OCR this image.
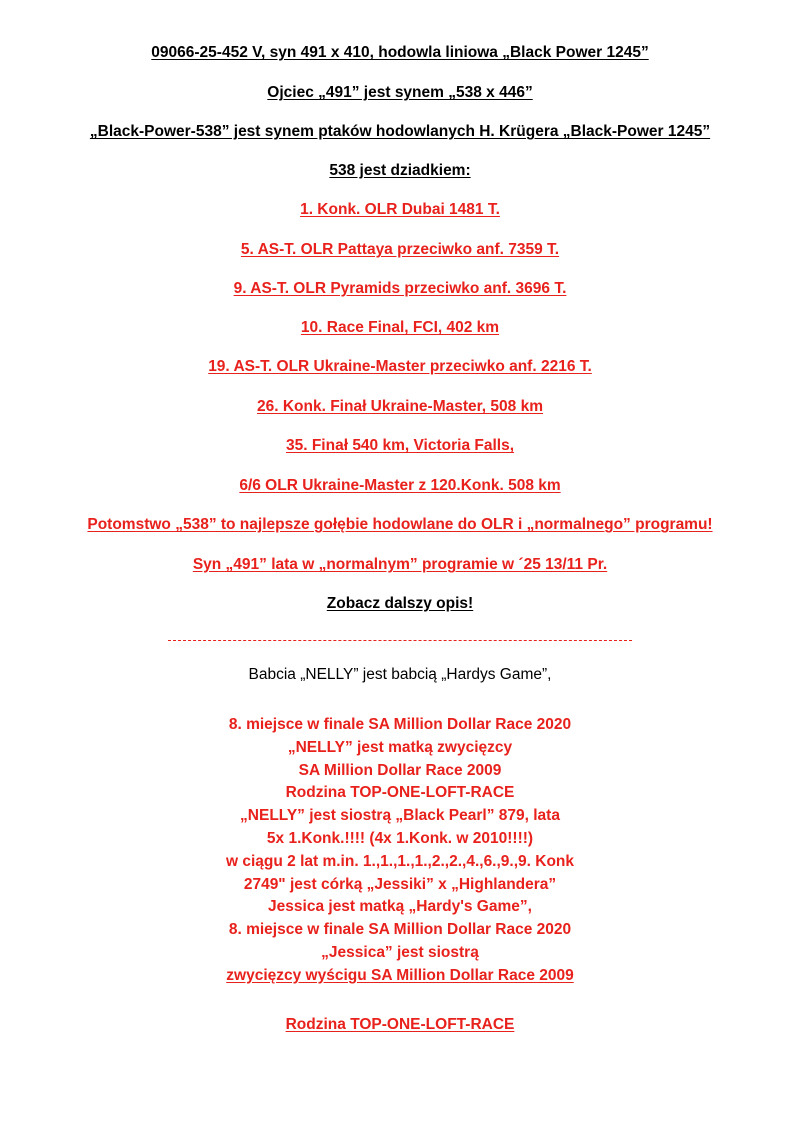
09066-25-452 V, syn 491 x 410, hodowla liniowa „Black Power 1245”
Ojciec „491” jest synem „538 x 446”
„Black-Power-538” jest synem ptaków hodowlanych H. Krügera „Black-Power 1245”
538 jest dziadkiem:
1. Konk. OLR Dubai 1481 T.
5. AS-T. OLR Pattaya przeciwko anf. 7359 T.
9. AS-T. OLR Pyramids przeciwko anf. 3696 T.
10. Race Final, FCI, 402 km
19. AS-T. OLR Ukraine-Master przeciwko anf. 2216 T.
26. Konk. Finał Ukraine-Master, 508 km
35. Finał 540 km, Victoria Falls,
6/6 OLR Ukraine-Master z 120.Konk. 508 km
Potomstwo „538” to najlepsze gołębie hodowlane do OLR i „normalnego” programu!
Syn „491” lata w „normalnym” programie w ´25 13/11 Pr.
Zobacz dalszy opis!
Babcia „NELLY” jest babcią „Hardys Game”,
8. miejsce w finale SA Million Dollar Race 2020
„NELLY” jest matką zwycięzcy
SA Million Dollar Race 2009
Rodzina TOP-ONE-LOFT-RACE
„NELLY” jest siostrą „Black Pearl” 879, lata
5x 1.Konk.!!!! (4x 1.Konk. w 2010!!!!)
w ciągu 2 lat m.in. 1.,1.,1.,1.,2.,2.,4.,6.,9.,9. Konk
2749" jest córką „Jessiki” x „Highlandera”
Jessica jest matką „Hardy's Game”,
8. miejsce w finale SA Million Dollar Race 2020
„Jessica” jest siostrą
zwycięzcy wyścigu SA Million Dollar Race 2009
Rodzina TOP-ONE-LOFT-RACE
